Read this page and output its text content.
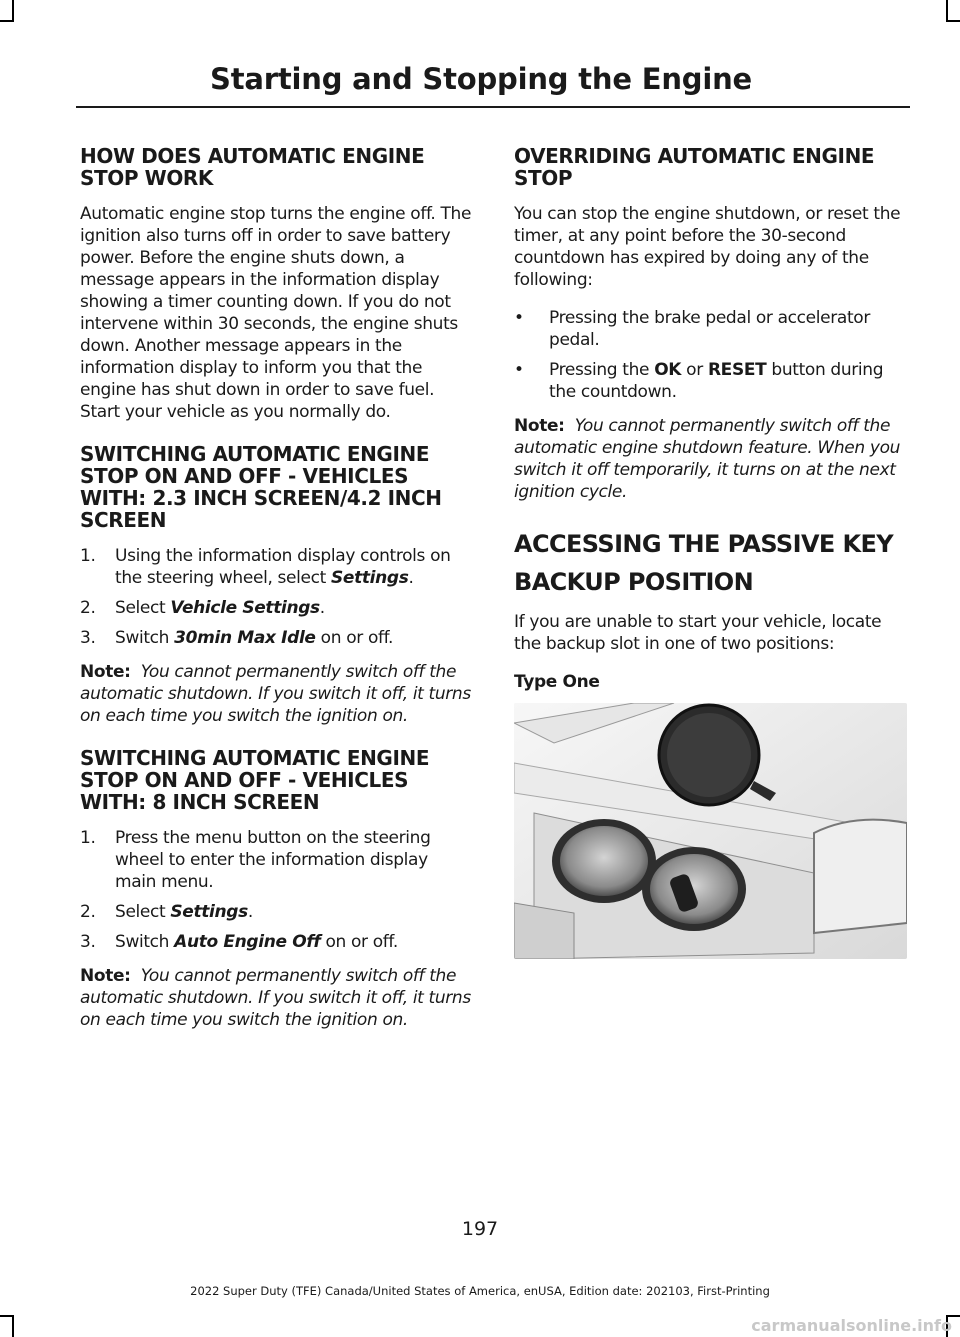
Starting and Stopping the Engine
HOW DOES AUTOMATIC ENGINE STOP WORK

Automatic engine stop turns the engine off. The ignition also turns off in order to save battery power. Before the engine shuts down, a message appears in the information display showing a timer counting down. If you do not intervene within 30 seconds, the engine shuts down. Another message appears in the information display to inform you that the engine has shut down in order to save fuel. Start your vehicle as you normally do.

SWITCHING AUTOMATIC ENGINE STOP ON AND OFF - VEHICLES WITH: 2.3 INCH SCREEN/4.2 INCH SCREEN
1. Using the information display controls on the steering wheel, select Settings.
2. Select Vehicle Settings.
3. Switch 30min Max Idle on or off.

Note: You cannot permanently switch off the automatic shutdown. If you switch it off, it turns on each time you switch the ignition on.

SWITCHING AUTOMATIC ENGINE STOP ON AND OFF - VEHICLES WITH: 8 INCH SCREEN
1. Press the menu button on the steering wheel to enter the information display main menu.
2. Select Settings.
3. Switch Auto Engine Off on or off.

Note: You cannot permanently switch off the automatic shutdown. If you switch it off, it turns on each time you switch the ignition on.

OVERRIDING AUTOMATIC ENGINE STOP

You can stop the engine shutdown, or reset the timer, at any point before the 30-second countdown has expired by doing any of the following:

• Pressing the brake pedal or accelerator pedal.
• Pressing the OK or RESET button during the countdown.

Note: You cannot permanently switch off the automatic engine shutdown feature. When you switch it off temporarily, it turns on at the next ignition cycle.

ACCESSING THE PASSIVE KEY
BACKUP POSITION

If you are unable to start your vehicle, locate the backup slot in one of two positions:

Type One

197
2022 Super Duty (TFE) Canada/United States of America, enUSA, Edition date: 202103, First-Printing
carmanualsonline.info
